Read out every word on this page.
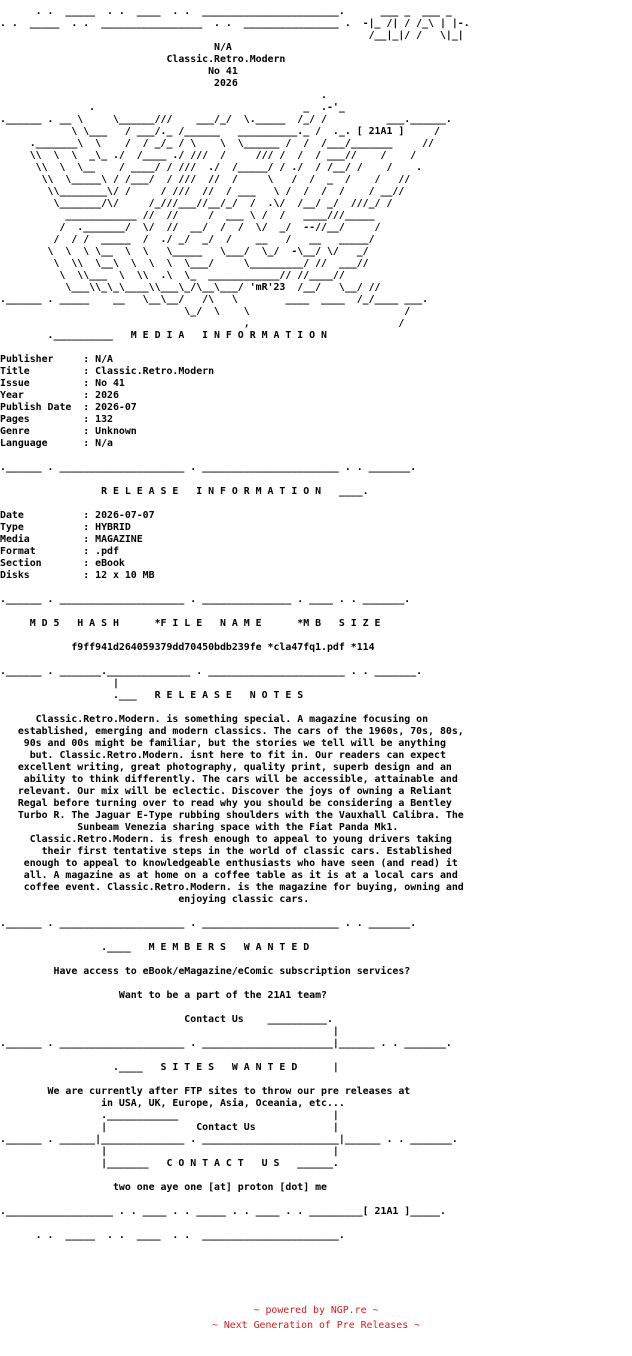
. .  _____  . .  ____  . .  _______________________.      ___ _  ___ _
. .  _____  . .  _________________  . .  ________________ .  -|_ /| / /_\ | |-.
/__|_|/ /   \|_|
N/A
Classic.Retro.Modern
No 41
2026
.
.                                   _  .-'_
.______ . __ \     \______///    ___/_/  \._____  /_/ /          ___.______.
\ \___   / ___/._ /______   __________._ /  ._. [ 21A1 ]     /
._______\  \    /  / _/_ / \    \  \______ /  /  /___/_______     //
\\  \  \  _\_ ./  /____ ./ ///  /     /// /  /  / ___//    /    /
\\  \  \__    / ____/ / ///  ./  /_____/ / ./  / /__/ /    /    .
\\  \_____\ / /___/  / ///  //  /     \   /  /  _  /    /   //
\\________\/ /     / ///  //  / ___   \ /  /  /  /    / __//
\_______/\/     /_///___//__/_/  /  .\/  /__/ _/  ///_/ /
____________ //  //     /  ___ \ /  /   ____///_____
/  ._______/  \/  //  __/  /  /  \/  _/  --//__/     /
/  / /  _____  /  ./ _/  _/  /    __   /   __   _____/
\  \  \ \__  \  \   \_____   \___/  \_/  -\__/ \/   _/
\  \\  \__\  \  \  \  \___/     \_________/ //  ___//
\  \\___  \  \\  .\  \_  ____________// //____//
\___\\_\_\____\\___\_/\__\___/ 'mR'23  /__/   \__/ //
.______ . _____    __   \__\__/   /\   \        ____  ____  /_/____ ___.
\_/  \    \                          /
,                         /
.__________   M E D I A   I N F O R M A T I O N

Publisher     : N/A
Title         : Classic.Retro.Modern
Issue         : No 41
Year          : 2026
Publish Date  : 2026-07
Pages         : 132
Genre         : Unknown
Language      : N/a

.______ . _____________________ . _______________________ . . _______.

R E L E A S E   I N F O R M A T I O N   ____.

Date          : 2026-07-07
Type          : HYBRID
Media         : MAGAZINE
Format        : .pdf
Section       : eBook
Disks         : 12 x 10 MB

.______ . _____________________ . _______________ . ____ . . _______.

M D 5   H A S H      *F I L E   N A M E      *M B   S I Z E

f9ff941d264059379dd70450bdb239fe *cla47fq1.pdf *114

.______ . _______.______________ . _______________________ . . _______.
|
.___   R E L E A S E   N O T E S

Classic.Retro.Modern. is something special. A magazine focusing on
established, emerging and modern classics. The cars of the 1960s, 70s, 80s,
90s and 00s might be familiar, but the stories we tell will be anything
but. Classic.Retro.Modern. isnt here to fit in. Our readers can expect
excellent writing, great photography, quality print, superb design and an
ability to think differently. The cars will be accessible, attainable and
relevant. Our mix will be eclectic. Discover the joys of owning a Reliant
Regal before turning over to read why you should be considering a Bentley
Turbo R. The Jaguar E-Type rubbing shoulders with the Vauxhall Calibra. The
Sunbeam Venezia sharing space with the Fiat Panda Mk1.
Classic.Retro.Modern. is fresh enough to appeal to young drivers taking
their first tentative steps in the world of classic cars. Established
enough to appeal to knowledgeable enthusiasts who have seen (and read) it
all. A magazine as at home on a coffee table as it is at a local cars and
coffee event. Classic.Retro.Modern. is the magazine for buying, owning and
enjoying classic cars.

.______ . _____________________ . _______________________ . . _______.

.____   M E M B E R S   W A N T E D

Have access to eBook/eMagazine/eComic subscription services?

Want to be a part of the 21A1 team?

Contact Us    __________.
|
.______ . _____________________ . ______________________|______ . . _______.

.____   S I T E S   W A N T E D      |

We are currently after FTP sites to throw our pre releases at
in USA, UK, Europe, Asia, Oceania, etc...
.____________                          |
|               Contact Us             |
.______ . ______|______________ . _______________________|______ . . _______.
|                                      |
|_______   C O N T A C T   U S   ______.

two one aye one [at] proton [dot] me

.__________________ . . ____ . . _____ . . ____ . . _________[ 21A1 ]_____.

. .  _____  . .  ____  . .  _______________________.
~ powered by NGP.re ~
~ Next Generation of Pre Releases ~
